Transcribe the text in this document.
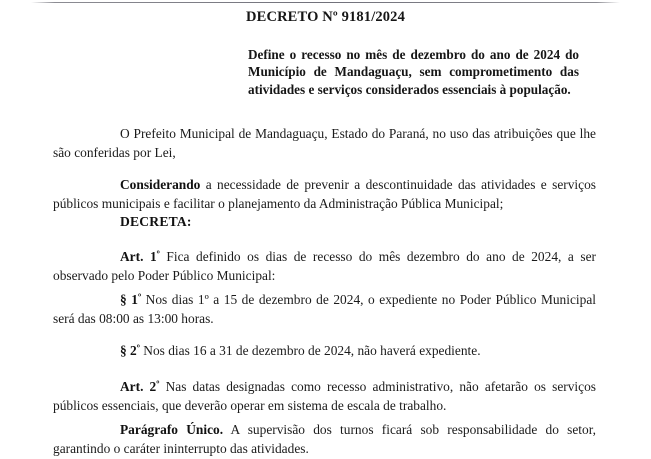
DECRETO Nº 9181/2024
Define o recesso no mês de dezembro do ano de 2024 do Município de Mandaguaçu, sem comprometimento das atividades e serviços considerados essenciais à população.

O Prefeito Municipal de Mandaguaçu, Estado do Paraná, no uso das atribuições que lhe são conferidas por Lei,

Considerando a necessidade de prevenir a descontinuidade das atividades e serviços públicos municipais e facilitar o planejamento da Administração Pública Municipal;

DECRETA:

Art. $1^º$ Fica definido os dias de recesso do mês dezembro do ano de 2024, a ser observado pelo Poder Público Municipal:

§ $1^º$ Nos dias 1º a 15 de dezembro de 2024, o expediente no Poder Público Municipal será das 08:00 as 13:00 horas.

§ $2^º$ Nos dias 16 a 31 de dezembro de 2024, não haverá expediente.

Art. $2^º$ Nas datas designadas como recesso administrativo, não afetarão os serviços públicos essenciais, que deverão operar em sistema de escala de trabalho.

Parágrafo Único. A supervisão dos turnos ficará sob responsabilidade do setor, garantindo o caráter ininterrupto das atividades.
